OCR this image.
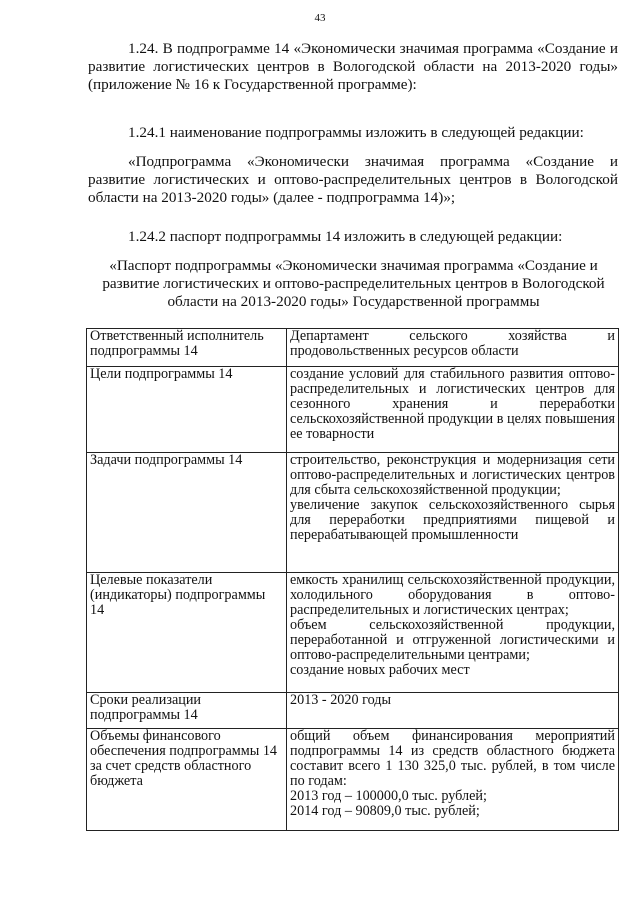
43

1.24. В подпрограмме 14 «Экономически значимая программа «Создание и развитие логистических центров в Вологодской области на 2013-2020 годы» (приложение № 16 к Государственной программе):

1.24.1 наименование подпрограммы изложить в следующей редакции:

«Подпрограмма «Экономически значимая программа «Создание и развитие логистических и оптово-распределительных центров в Вологодской области на 2013-2020 годы» (далее - подпрограмма 14)»;

1.24.2 паспорт подпрограммы 14 изложить в следующей редакции:

«Паспорт подпрограммы «Экономически значимая программа «Создание и развитие логистических и оптово-распределительных центров в Вологодской области на 2013-2020 годы» Государственной программы

Ответственный исполнитель подпрограммы 14	Департамент сельского хозяйства и продовольственных ресурсов области

Цели подпрограммы 14	создание условий для стабильного развития оптово-распределительных и логистических центров для сезонного хранения и переработки сельскохозяйственной продукции в целях повышения ее товарности

Задачи подпрограммы 14	строительство, реконструкция и модернизация сети оптово-распределительных и логистических центров для сбыта сельскохозяйственной продукции;
увеличение закупок сельскохозяйственного сырья для переработки предприятиями пищевой и перерабатывающей промышленности

Целевые показатели (индикаторы) подпрограммы 14	емкость хранилищ сельскохозяйственной продукции, холодильного оборудования в оптово-распределительных и логистических центрах;
объем сельскохозяйственной продукции, переработанной и отгруженной логистическими и оптово-распределительными центрами;
создание новых рабочих мест

Сроки реализации подпрограммы 14	2013 - 2020 годы

Объемы финансового обеспечения подпрограммы 14 за счет средств областного бюджета	общий объем финансирования мероприятий подпрограммы 14 из средств областного бюджета составит всего 1 130 325,0 тыс. рублей, в том числе по годам:
2013 год – 100000,0 тыс. рублей;
2014 год – 90809,0 тыс. рублей;
